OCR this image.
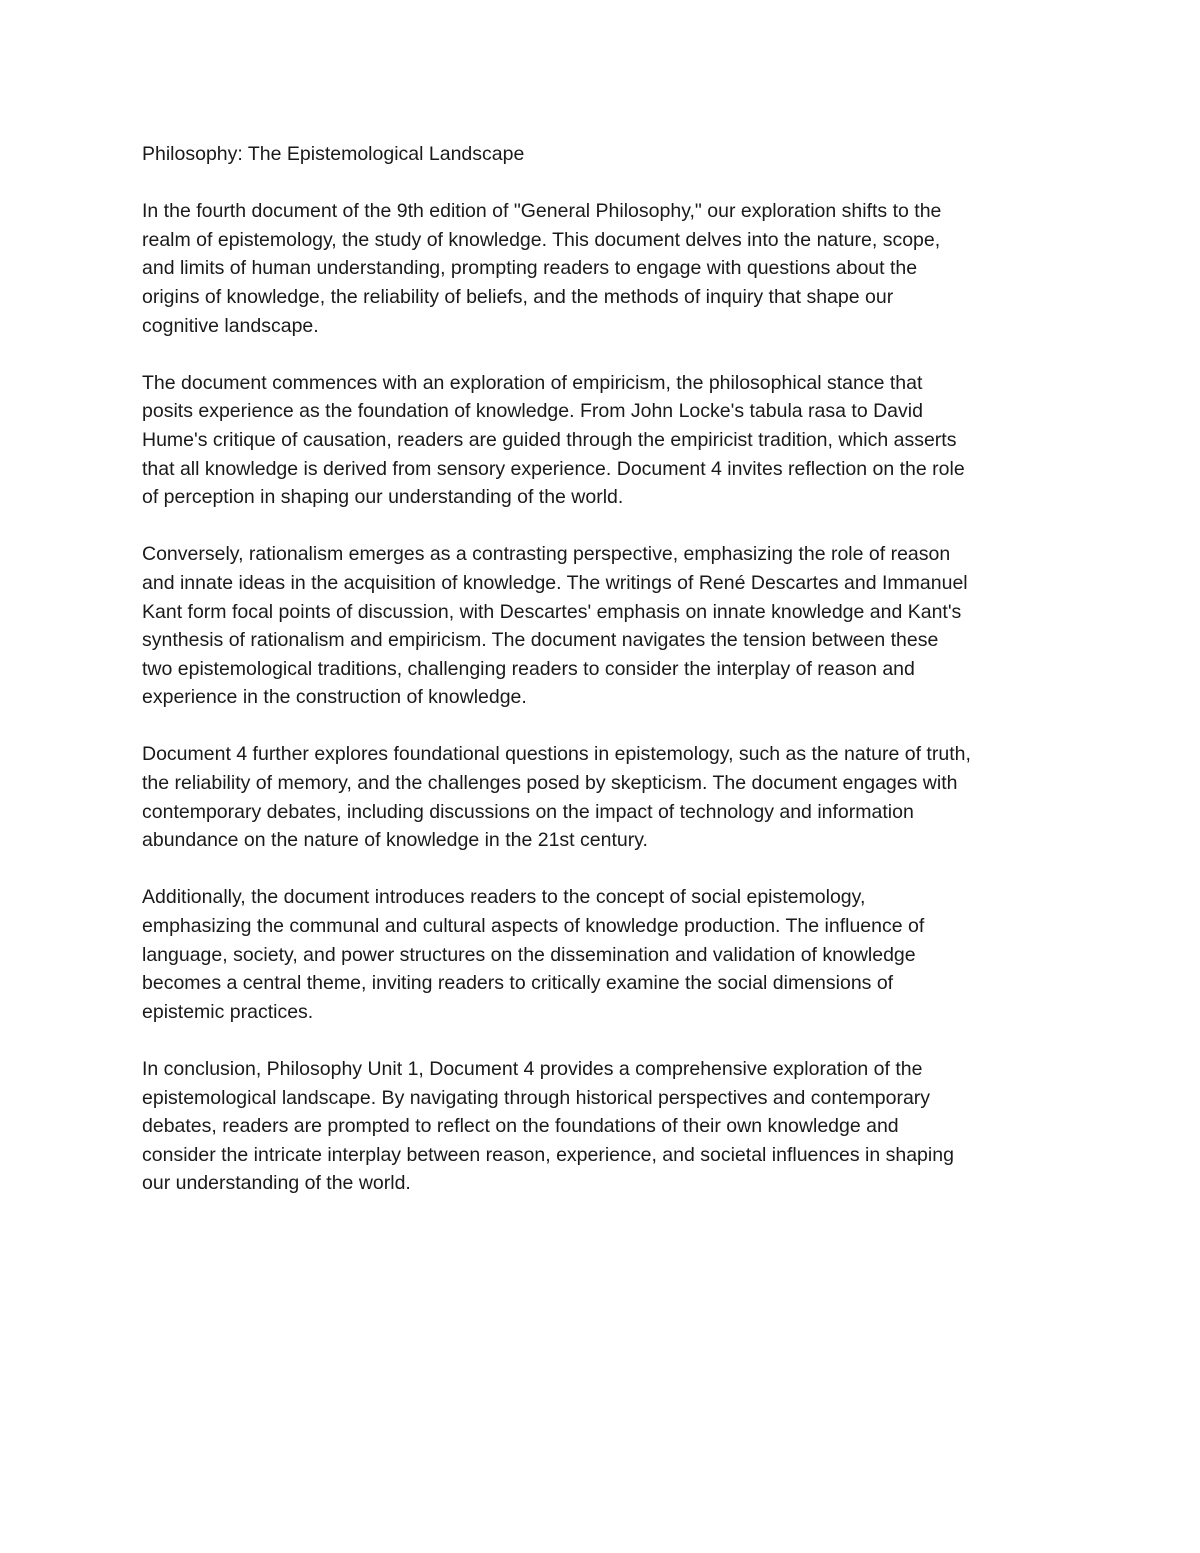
Philosophy: The Epistemological Landscape

In the fourth document of the 9th edition of "General Philosophy," our exploration shifts to the
realm of epistemology, the study of knowledge. This document delves into the nature, scope,
and limits of human understanding, prompting readers to engage with questions about the
origins of knowledge, the reliability of beliefs, and the methods of inquiry that shape our
cognitive landscape.

The document commences with an exploration of empiricism, the philosophical stance that
posits experience as the foundation of knowledge. From John Locke's tabula rasa to David
Hume's critique of causation, readers are guided through the empiricist tradition, which asserts
that all knowledge is derived from sensory experience. Document 4 invites reflection on the role
of perception in shaping our understanding of the world.

Conversely, rationalism emerges as a contrasting perspective, emphasizing the role of reason
and innate ideas in the acquisition of knowledge. The writings of René Descartes and Immanuel
Kant form focal points of discussion, with Descartes' emphasis on innate knowledge and Kant's
synthesis of rationalism and empiricism. The document navigates the tension between these
two epistemological traditions, challenging readers to consider the interplay of reason and
experience in the construction of knowledge.

Document 4 further explores foundational questions in epistemology, such as the nature of truth,
the reliability of memory, and the challenges posed by skepticism. The document engages with
contemporary debates, including discussions on the impact of technology and information
abundance on the nature of knowledge in the 21st century.

Additionally, the document introduces readers to the concept of social epistemology,
emphasizing the communal and cultural aspects of knowledge production. The influence of
language, society, and power structures on the dissemination and validation of knowledge
becomes a central theme, inviting readers to critically examine the social dimensions of
epistemic practices.

In conclusion, Philosophy Unit 1, Document 4 provides a comprehensive exploration of the
epistemological landscape. By navigating through historical perspectives and contemporary
debates, readers are prompted to reflect on the foundations of their own knowledge and
consider the intricate interplay between reason, experience, and societal influences in shaping
our understanding of the world.
